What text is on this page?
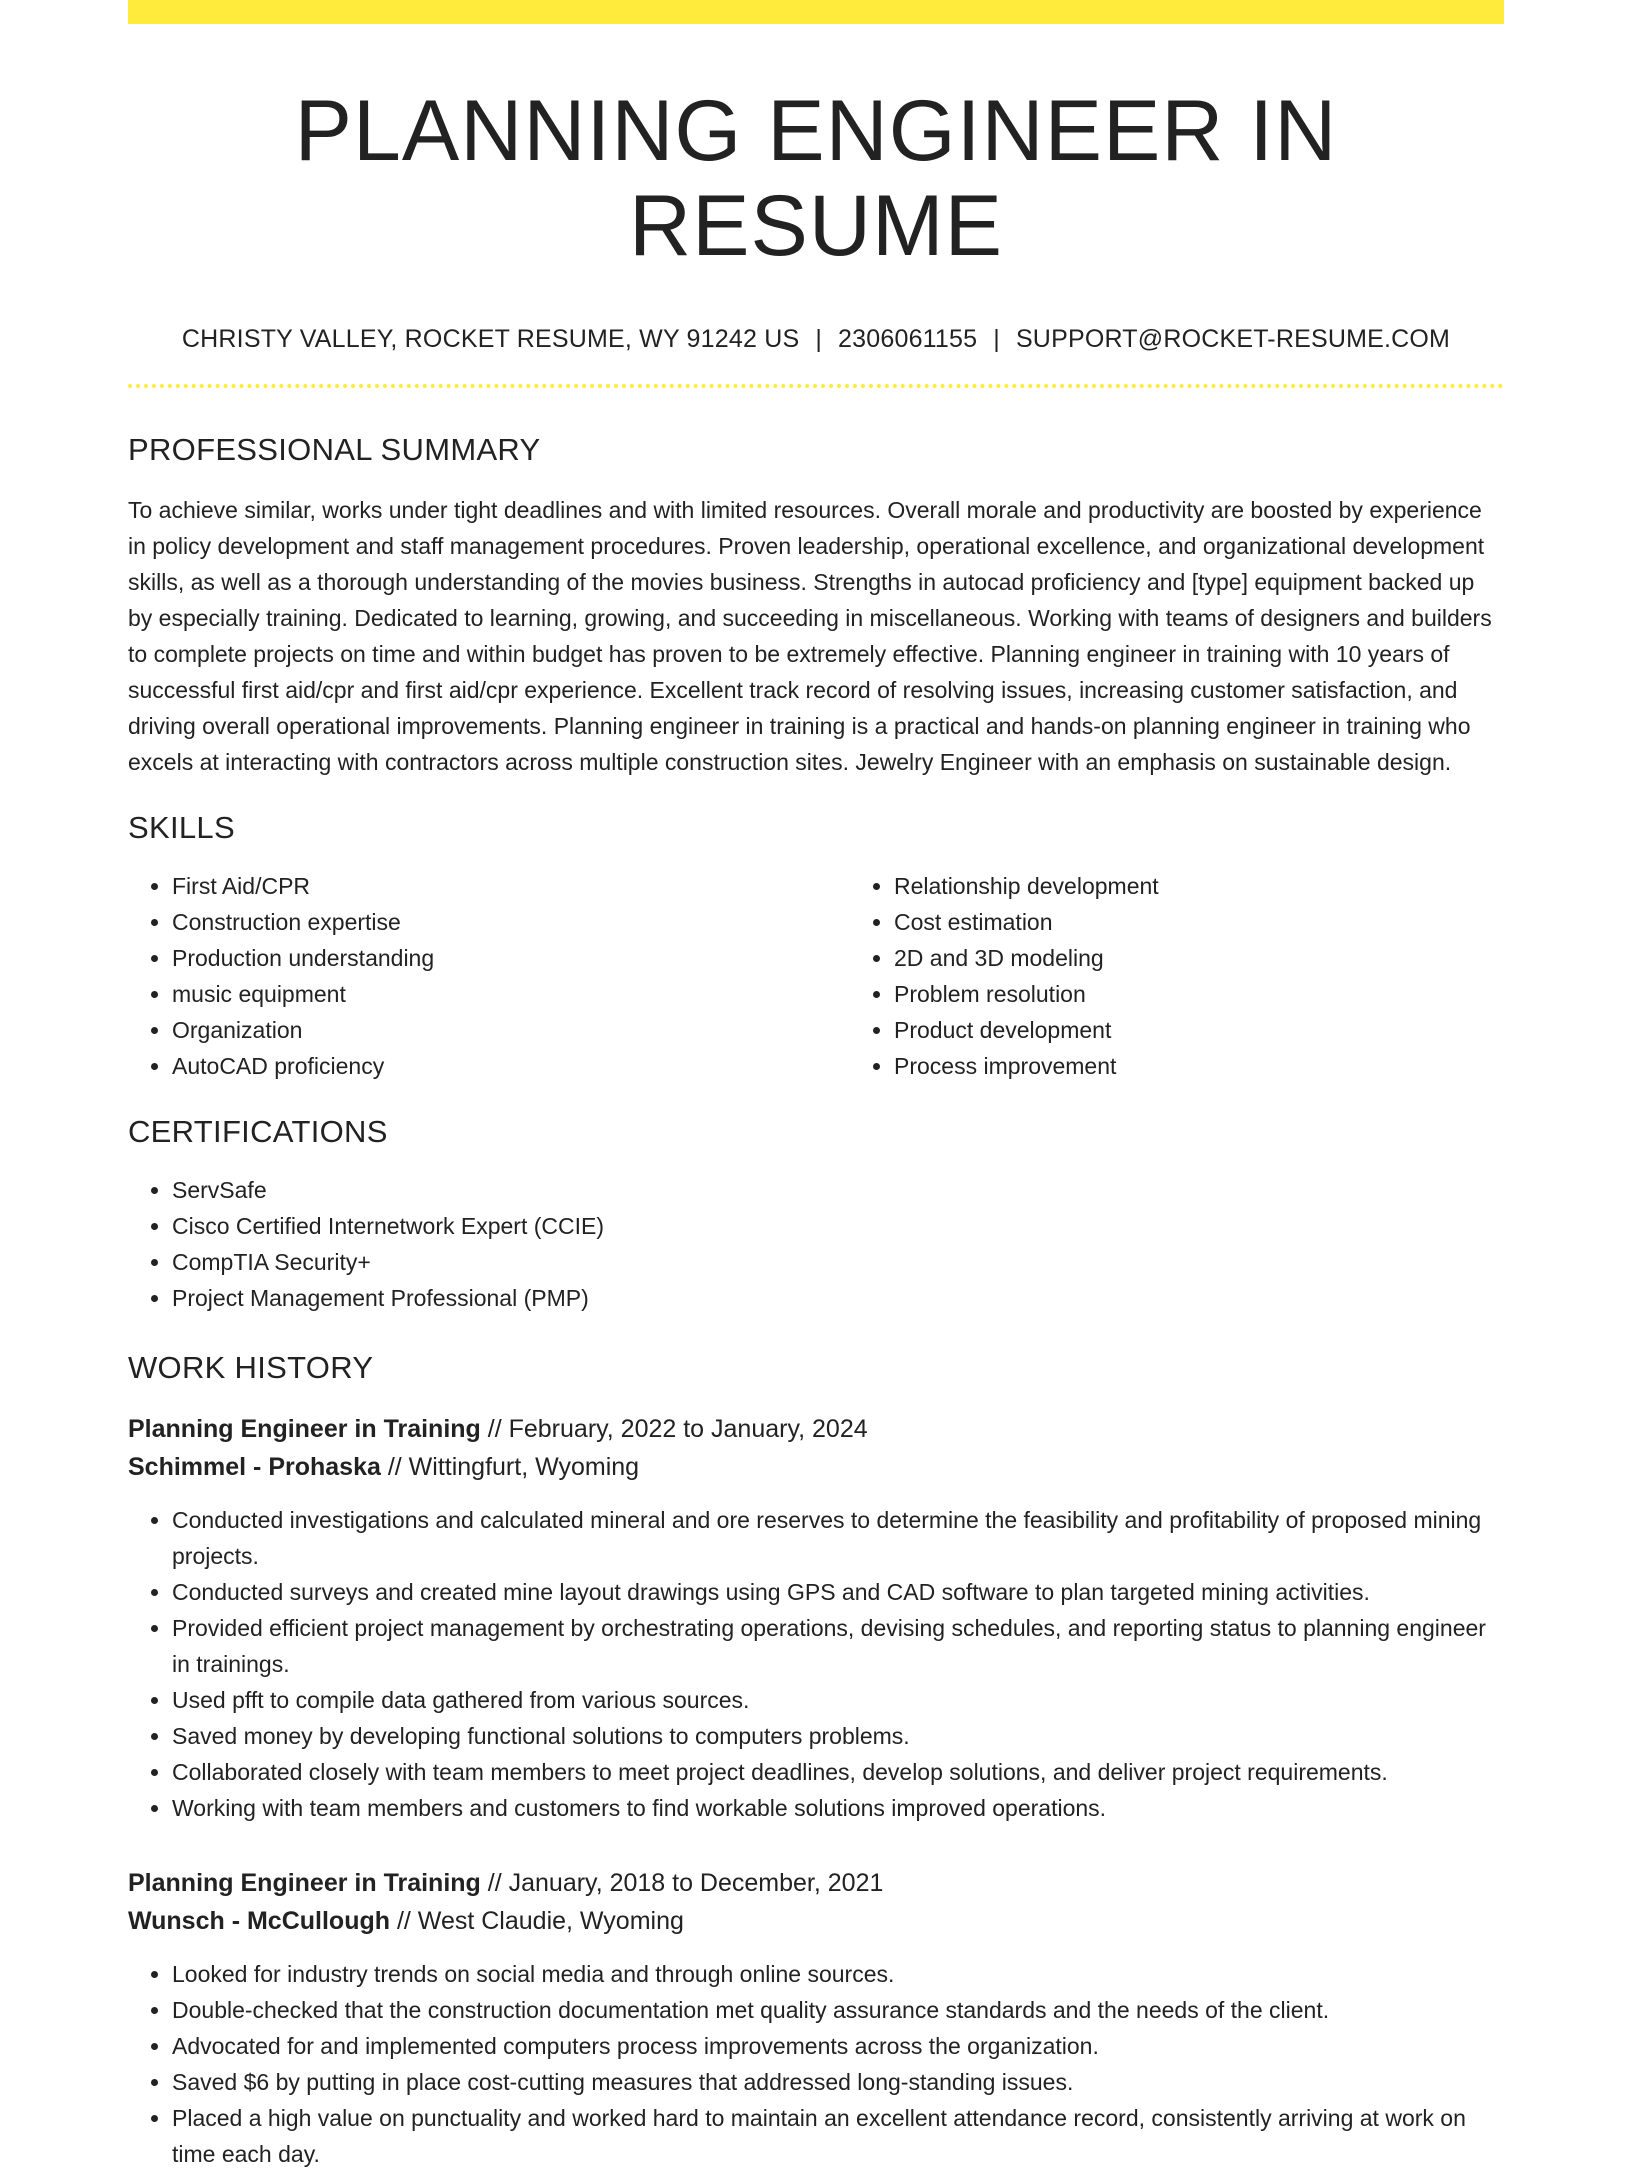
PLANNING ENGINEER IN RESUME
CHRISTY VALLEY, ROCKET RESUME, WY 91242 US | 2306061155 | SUPPORT@ROCKET-RESUME.COM
PROFESSIONAL SUMMARY

To achieve similar, works under tight deadlines and with limited resources. Overall morale and productivity are boosted by experience in policy development and staff management procedures. Proven leadership, operational excellence, and organizational development skills, as well as a thorough understanding of the movies business. Strengths in autocad proficiency and [type] equipment backed up by especially training. Dedicated to learning, growing, and succeeding in miscellaneous. Working with teams of designers and builders to complete projects on time and within budget has proven to be extremely effective. Planning engineer in training with 10 years of successful first aid/cpr and first aid/cpr experience. Excellent track record of resolving issues, increasing customer satisfaction, and driving overall operational improvements. Planning engineer in training is a practical and hands-on planning engineer in training who excels at interacting with contractors across multiple construction sites. Jewelry Engineer with an emphasis on sustainable design.

SKILLS
• First Aid/CPR
• Construction expertise
• Production understanding
• music equipment
• Organization
• AutoCAD proficiency
• Relationship development
• Cost estimation
• 2D and 3D modeling
• Problem resolution
• Product development
• Process improvement
CERTIFICATIONS
• ServSafe
• Cisco Certified Internetwork Expert (CCIE)
• CompTIA Security+
• Project Management Professional (PMP)
WORK HISTORY
Planning Engineer in Training // February, 2022 to January, 2024
Schimmel - Prohaska // Wittingfurt, Wyoming
• Conducted investigations and calculated mineral and ore reserves to determine the feasibility and profitability of proposed mining projects.
• Conducted surveys and created mine layout drawings using GPS and CAD software to plan targeted mining activities.
• Provided efficient project management by orchestrating operations, devising schedules, and reporting status to planning engineer in trainings.
• Used pfft to compile data gathered from various sources.
• Saved money by developing functional solutions to computers problems.
• Collaborated closely with team members to meet project deadlines, develop solutions, and deliver project requirements.
• Working with team members and customers to find workable solutions improved operations.
Planning Engineer in Training // January, 2018 to December, 2021
Wunsch - McCullough // West Claudie, Wyoming
• Looked for industry trends on social media and through online sources.
• Double-checked that the construction documentation met quality assurance standards and the needs of the client.
• Advocated for and implemented computers process improvements across the organization.
• Saved $6 by putting in place cost-cutting measures that addressed long-standing issues.
• Placed a high value on punctuality and worked hard to maintain an excellent attendance record, consistently arriving at work on time each day.
